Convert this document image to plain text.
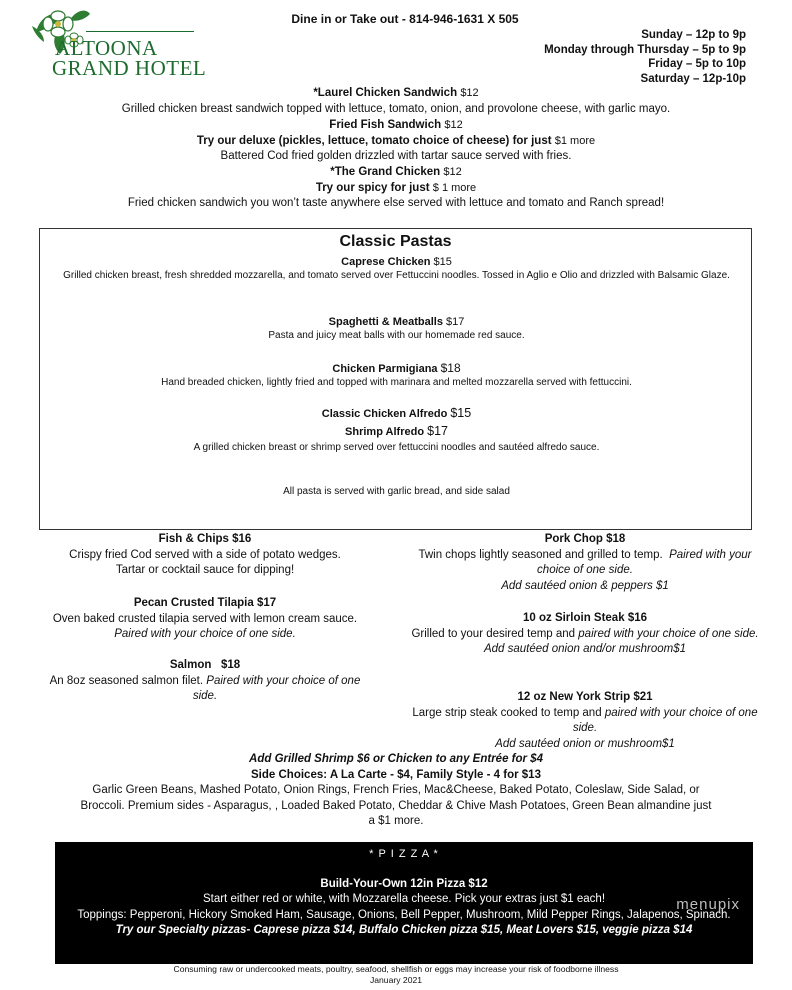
ALTOONA
GRAND HOTEL
Dine in or Take out - 814-946-1631 X 505
Sunday – 12p to 9p
Monday through Thursday – 5p to 9p
Friday – 5p to 10p
Saturday – 12p-10p
*Laurel Chicken Sandwich $12
Grilled chicken breast sandwich topped with lettuce, tomato, onion, and provolone cheese, with garlic mayo.
Fried Fish Sandwich $12
Try our deluxe (pickles, lettuce, tomato choice of cheese) for just $1 more
Battered Cod fried golden drizzled with tartar sauce served with fries.
*The Grand Chicken $12
Try our spicy for just $ 1 more
Fried chicken sandwich you won’t taste anywhere else served with lettuce and tomato and Ranch spread!
Classic Pastas
Caprese Chicken $15
Grilled chicken breast, fresh shredded mozzarella, and tomato served over Fettuccini noodles. Tossed in Aglio e Olio and drizzled with Balsamic Glaze.
Spaghetti & Meatballs $17
Pasta and juicy meat balls with our homemade red sauce.
Chicken Parmigiana $18
Hand breaded chicken, lightly fried and topped with marinara and melted mozzarella served with fettuccini.
Classic Chicken Alfredo $15
Shrimp Alfredo $17
A grilled chicken breast or shrimp served over fettuccini noodles and sautéed alfredo sauce.
All pasta is served with garlic bread, and side salad
Fish & Chips $16
Crispy fried Cod served with a side of potato wedges.
Tartar or cocktail sauce for dipping!
Pecan Crusted Tilapia $17
Oven baked crusted tilapia served with lemon cream sauce.
Paired with your choice of one side.
Salmon $18
An 8oz seasoned salmon filet. Paired with your choice of one side.
Pork Chop $18
Twin chops lightly seasoned and grilled to temp. Paired with your choice of one side.
Add sautéed onion & peppers $1
10 oz Sirloin Steak $16
Grilled to your desired temp and paired with your choice of one side.
Add sautéed onion and/or mushroom$1
12 oz New York Strip $21
Large strip steak cooked to temp and paired with your choice of one side.
Add sautéed onion or mushroom$1
Add Grilled Shrimp $6 or Chicken to any Entrée for $4
Side Choices: A La Carte - $4, Family Style - 4 for $13
Garlic Green Beans, Mashed Potato, Onion Rings, French Fries, Mac&Cheese, Baked Potato, Coleslaw, Side Salad, or Broccoli. Premium sides - Asparagus, , Loaded Baked Potato, Cheddar & Chive Mash Potatoes, Green Bean almandine just a $1 more.
* P I Z Z A *
Build-Your-Own 12in Pizza $12
Start either red or white, with Mozzarella cheese. Pick your extras just $1 each!
Toppings: Pepperoni, Hickory Smoked Ham, Sausage, Onions, Bell Pepper, Mushroom, Mild Pepper Rings, Jalapenos, Spinach.
Try our Specialty pizzas- Caprese pizza $14, Buffalo Chicken pizza $15, Meat Lovers $15, veggie pizza $14
menupix
Consuming raw or undercooked meats, poultry, seafood, shellfish or eggs may increase your risk of foodborne illness
January 2021
